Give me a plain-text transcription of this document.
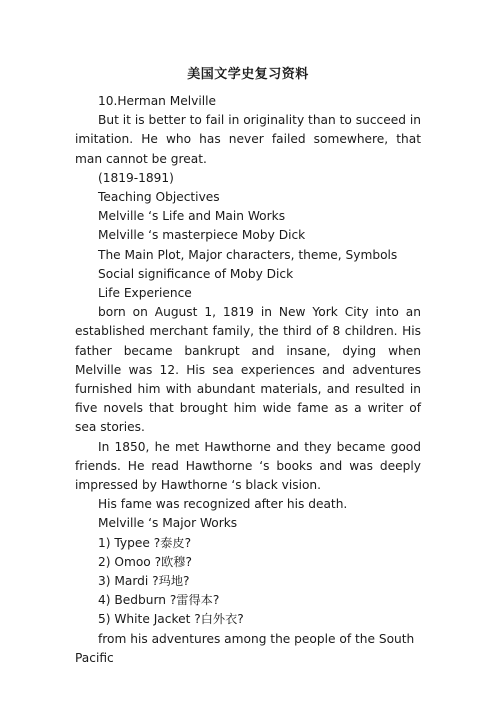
美国文学史复习资料

10.Herman Melville

But it is better to fail in originality than to succeed in imitation. He who has never failed somewhere, that man cannot be great.

(1819-1891)

Teaching Objectives

Melville ‘s Life and Main Works

Melville ‘s masterpiece Moby Dick

The Main Plot, Major characters, theme, Symbols

Social significance of Moby Dick

Life Experience

born on August 1, 1819 in New York City into an established merchant family, the third of 8 children. His father became bankrupt and insane, dying when Melville was 12. His sea experiences and adventures furnished him with abundant materials, and resulted in five novels that brought him wide fame as a writer of sea stories.

In 1850, he met Hawthorne and they became good friends. He read Hawthorne ‘s books and was deeply impressed by Hawthorne ‘s black vision.

His fame was recognized after his death.

Melville ‘s Major Works

1) Typee ?泰皮?

2) Omoo ?欧穆?

3) Mardi ?玛地?

4) Bedburn ?雷得本?

5) White Jacket ?白外衣?

from his adventures among the people of the South Pacific
